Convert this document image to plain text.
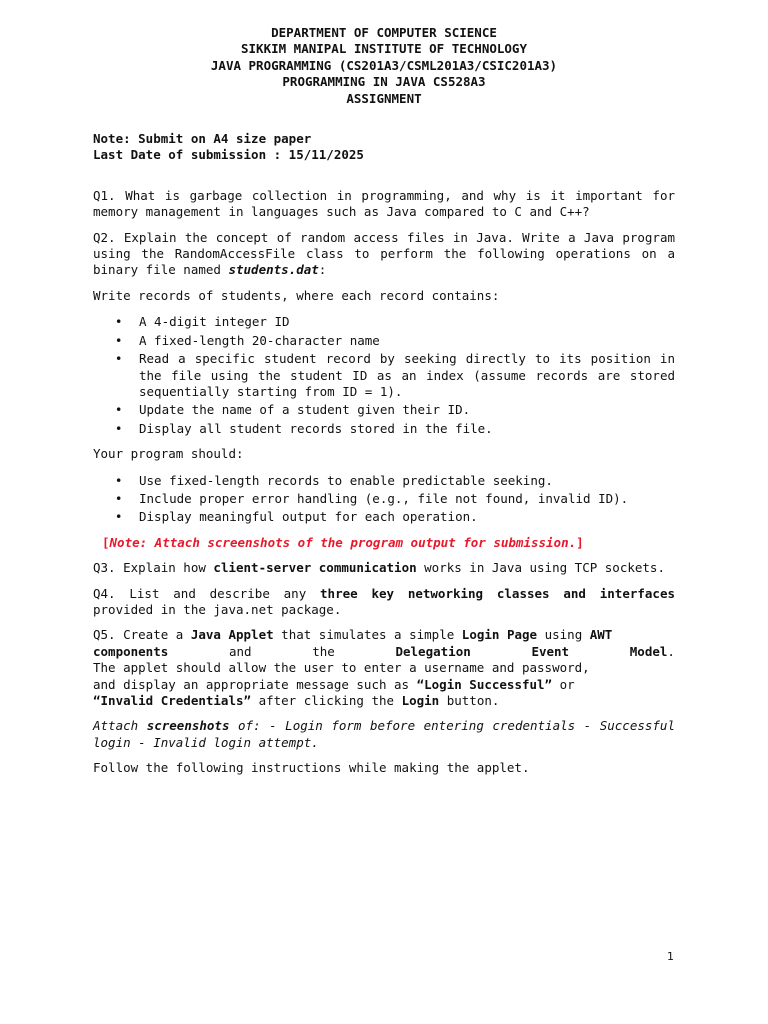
DEPARTMENT OF COMPUTER SCIENCE
SIKKIM MANIPAL INSTITUTE OF TECHNOLOGY
JAVA PROGRAMMING (CS201A3/CSML201A3/CSIC201A3)
PROGRAMMING IN JAVA CS528A3
ASSIGNMENT
Note: Submit on A4 size paper
Last Date of submission : 15/11/2025

Q1. What is garbage collection in programming, and why is it important for memory management in languages such as Java compared to C and C++?

Q2. Explain the concept of random access files in Java. Write a Java program using the RandomAccessFile class to perform the following operations on a binary file named students.dat:

Write records of students, where each record contains:

• A 4-digit integer ID
• A fixed-length 20-character name
• Read a specific student record by seeking directly to its position in the file using the student ID as an index (assume records are stored sequentially starting from ID = 1).
• Update the name of a student given their ID.
• Display all student records stored in the file.

Your program should:

• Use fixed-length records to enable predictable seeking.
• Include proper error handling (e.g., file not found, invalid ID).
• Display meaningful output for each operation.

[Note: Attach screenshots of the program output for submission.]

Q3. Explain how client-server communication works in Java using TCP sockets.

Q4. List and describe any three key networking classes and interfaces provided in the java.net package.

Q5. Create a Java Applet that simulates a simple Login Page using AWT

components	and	the	Delegation	Event	Model.

The applet should allow the user to enter a username and password,

and display an appropriate message such as “Login Successful” or

“Invalid Credentials” after clicking the Login button.

Attach screenshots of: - Login form before entering credentials - Successful login - Invalid login attempt.

Follow the following instructions while making the applet.

1
